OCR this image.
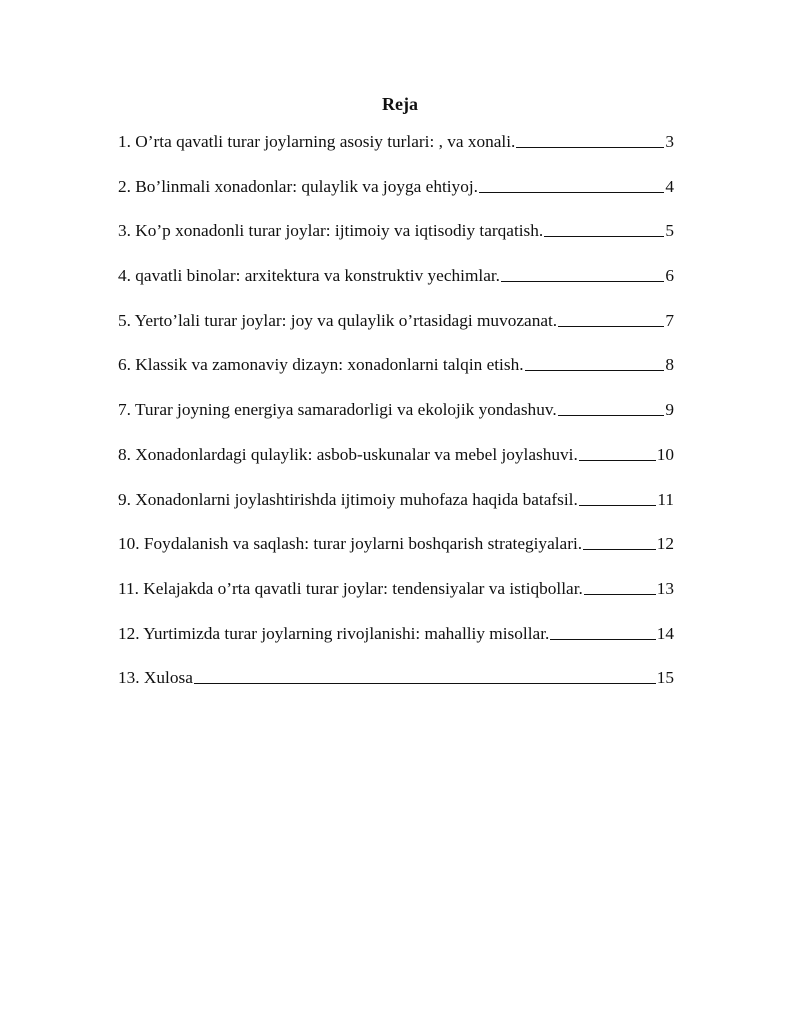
Reja
1. O’rta qavatli turar joylarning asosiy turlari: , va xonali.	3
2. Bo’linmali xonadonlar: qulaylik va joyga ehtiyoj.	4
3. Ko’p xonadonli turar joylar: ijtimoiy va iqtisodiy tarqatish.	5
4. qavatli binolar: arxitektura va konstruktiv yechimlar.	6
5. Yerto’lali turar joylar: joy va qulaylik o’rtasidagi muvozanat.	7
6. Klassik va zamonaviy dizayn: xonadonlarni talqin etish.	8
7. Turar joyning energiya samaradorligi va ekolojik yondashuv.	9
8. Xonadonlardagi qulaylik: asbob-uskunalar va mebel joylashuvi.	10
9. Xonadonlarni joylashtirishda ijtimoiy muhofaza haqida batafsil.	11
10. Foydalanish va saqlash: turar joylarni boshqarish strategiyalari.	12
11. Kelajakda o’rta qavatli turar joylar: tendensiyalar va istiqbollar.	13
12. Yurtimizda turar joylarning rivojlanishi: mahalliy misollar.	14
13. Xulosa	15
